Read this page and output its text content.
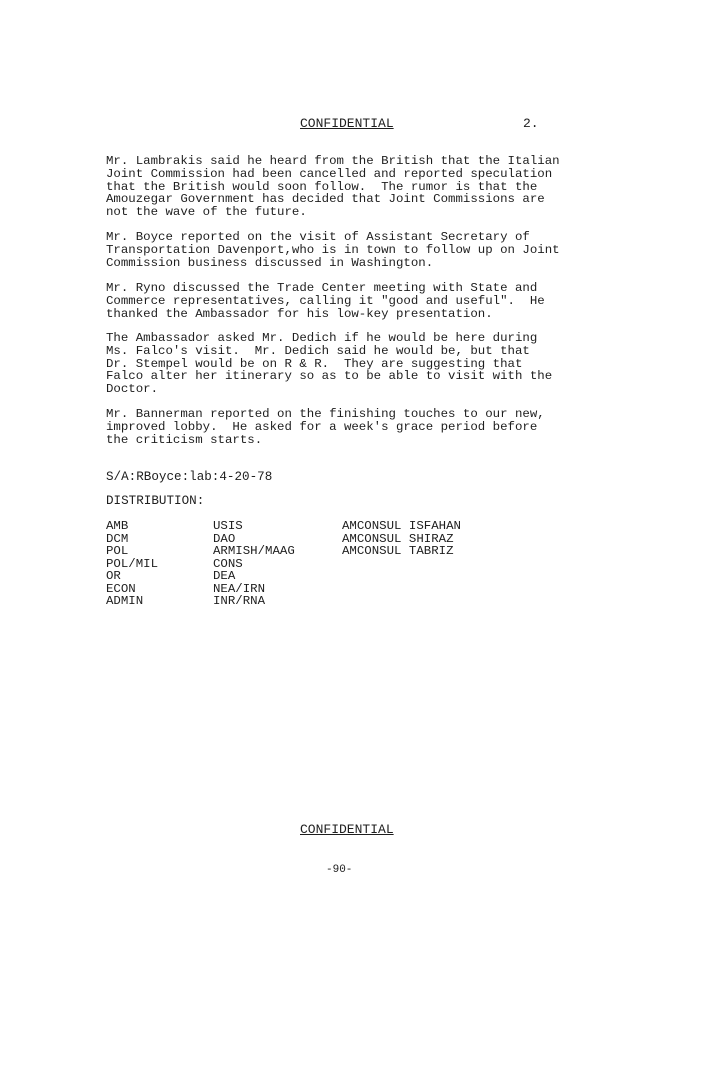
CONFIDENTIAL	2.

Mr. Lambrakis said he heard from the British that the Italian
Joint Commission had been cancelled and reported speculation
that the British would soon follow.  The rumor is that the
Amouzegar Government has decided that Joint Commissions are
not the wave of the future.

Mr. Boyce reported on the visit of Assistant Secretary of
Transportation Davenport,who is in town to follow up on Joint
Commission business discussed in Washington.

Mr. Ryno discussed the Trade Center meeting with State and
Commerce representatives, calling it "good and useful".  He
thanked the Ambassador for his low-key presentation.

The Ambassador asked Mr. Dedich if he would be here during
Ms. Falco's visit.  Mr. Dedich said he would be, but that
Dr. Stempel would be on R & R.  They are suggesting that
Falco alter her itinerary so as to be able to visit with the
Doctor.

Mr. Bannerman reported on the finishing touches to our new,
improved lobby.  He asked for a week's grace period before
the criticism starts.

S/A:RBoyce:lab:4-20-78
DISTRIBUTION:
AMB
DCM
POL
POL/MIL
OR
ECON
ADMIN
USIS
DAO
ARMISH/MAAG
CONS
DEA
NEA/IRN
INR/RNA
AMCONSUL ISFAHAN
AMCONSUL SHIRAZ
AMCONSUL TABRIZ
CONFIDENTIAL
-90-
